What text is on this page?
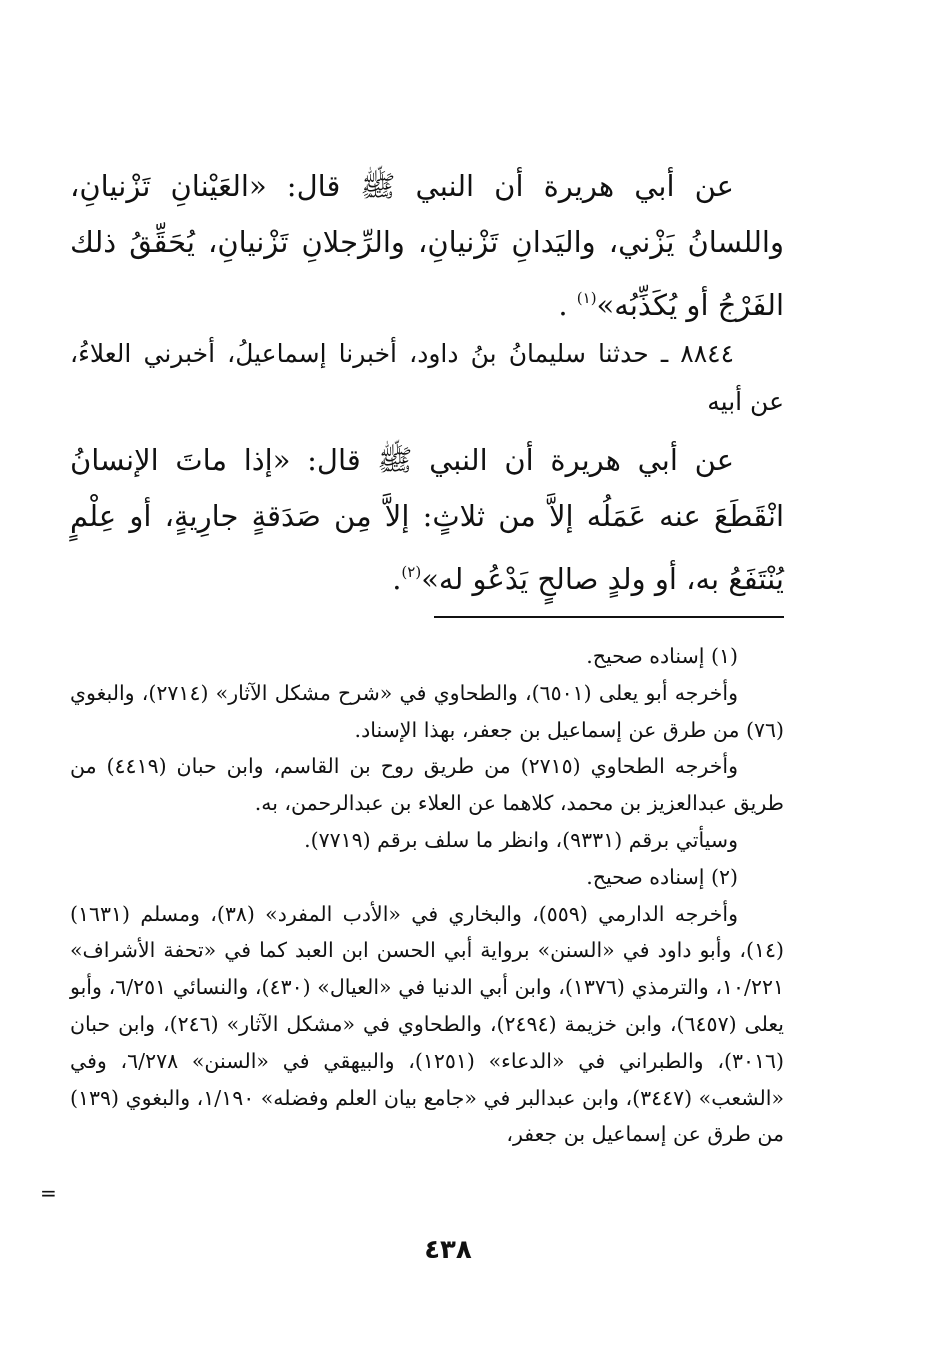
عن أبي هريرة أن النبي ﷺ قال: «العَيْنانِ تَزْنيانِ، واللسانُ يَزْني، واليَدانِ تَزْنيانِ، والرِّجلانِ تَزْنيانِ، يُحَقِّقُ ذلك الفَرْجُ أو يُكَذِّبُه»$^{(١)}$ .
٨٨٤٤ ـ حدثنا سليمانُ بنُ داود، أخبرنا إسماعيلُ، أخبرني العلاءُ، عن أبيه
عن أبي هريرة أن النبي ﷺ قال: «إذا ماتَ الإنسانُ انْقَطَعَ عنه عَمَلُه إلاَّ من ثلاثٍ: إلاَّ مِن صَدَقةٍ جارِيةٍ، أو عِلْمٍ يُنْتَفَعُ به، أو ولدٍ صالحٍ يَدْعُو له»$^{(٢)}$.
(١) إسناده صحيح.
وأخرجه أبو يعلى (٦٥٠١)، والطحاوي في «شرح مشكل الآثار» (٢٧١٤)، والبغوي (٧٦) من طرق عن إسماعيل بن جعفر، بهذا الإسناد.
وأخرجه الطحاوي (٢٧١٥) من طريق روح بن القاسم، وابن حبان (٤٤١٩) من طريق عبدالعزيز بن محمد، كلاهما عن العلاء بن عبدالرحمن، به.
وسيأتي برقم (٩٣٣١)، وانظر ما سلف برقم (٧٧١٩).
(٢) إسناده صحيح.
وأخرجه الدارمي (٥٥٩)، والبخاري في «الأدب المفرد» (٣٨)، ومسلم (١٦٣١) (١٤)، وأبو داود في «السنن» برواية أبي الحسن ابن العبد كما في «تحفة الأشراف» ١٠/٢٢١، والترمذي (١٣٧٦)، وابن أبي الدنيا في «العيال» (٤٣٠)، والنسائي ٦/٢٥١، وأبو يعلى (٦٤٥٧)، وابن خزيمة (٢٤٩٤)، والطحاوي في «مشكل الآثار» (٢٤٦)، وابن حبان (٣٠١٦)، والطبراني في «الدعاء» (١٢٥١)، والبيهقي في «السنن» ٦/٢٧٨، وفي «الشعب» (٣٤٤٧)، وابن عبدالبر في «جامع بيان العلم وفضله» ١/١٩٠، والبغوي (١٣٩) من طرق عن إسماعيل بن جعفر،
=
٤٣٨
